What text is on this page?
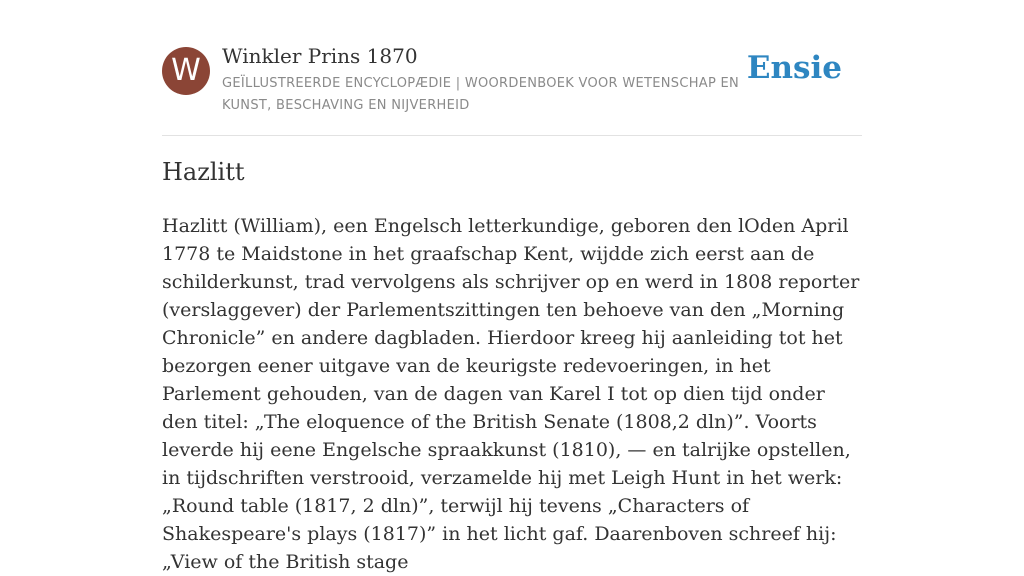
W	Winkler Prins 1870
GEÏLLUSTREERDE ENCYCLOPÆDIE | WOORDENBOEK VOOR WETENSCHAP EN KUNST, BESCHAVING EN NIJVERHEID
Ensie
Hazlitt

Hazlitt (William), een Engelsch letterkundige, geboren den lOden April 1778 te Maidstone in het graafschap Kent, wijdde zich eerst aan de schilderkunst, trad vervolgens als schrijver op en werd in 1808 reporter (verslaggever) der Parlementszittingen ten behoeve van den „Morning Chronicle” en andere dagbladen. Hierdoor kreeg hij aanleiding tot het bezorgen eener uitgave van de keurigste redevoeringen, in het Parlement gehouden, van de dagen van Karel I tot op dien tijd onder den titel: „The eloquence of the British Senate (1808,2 dln)”. Voorts leverde hij eene Engelsche spraakkunst (1810), — en talrijke opstellen, in tijdschriften verstrooid, verzamelde hij met Leigh Hunt in het werk: „Round table (1817, 2 dln)”, terwijl hij tevens „Characters of Shakespeare's plays (1817)” in het licht gaf. Daarenboven schreef hij: „View of the British stage
